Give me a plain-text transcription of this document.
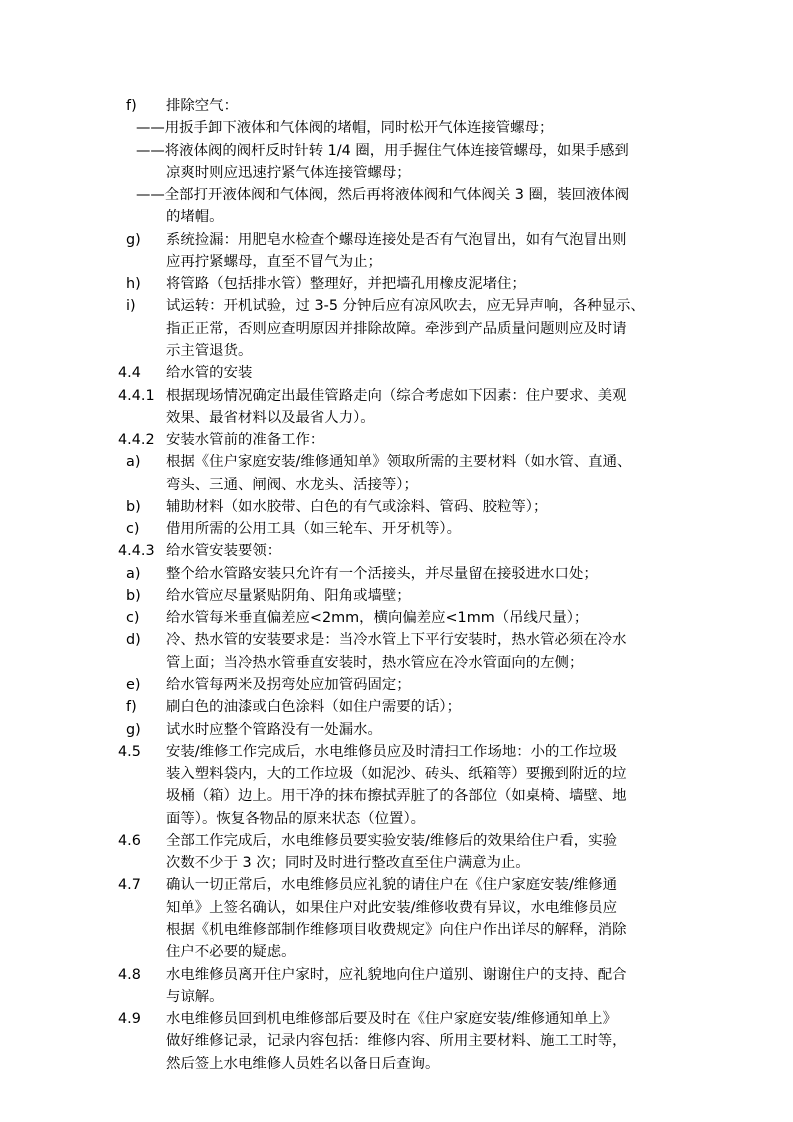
f) 排除空气：
——用扳手卸下液体和气体阀的堵帽，同时松开气体连接管螺母；
——将液体阀的阀杆反时针转 1/4 圈，用手握住气体连接管螺母，如果手感到
凉爽时则应迅速拧紧气体连接管螺母；
——全部打开液体阀和气体阀，然后再将液体阀和气体阀关 3 圈，装回液体阀
的堵帽。
g) 系统捡漏：用肥皂水检查个螺母连接处是否有气泡冒出，如有气泡冒出则
应再拧紧螺母，直至不冒气为止；
h) 将管路（包括排水管）整理好，并把墙孔用橡皮泥堵住；
i) 试运转：开机试验，过 3-5 分钟后应有凉风吹去，应无异声响，各种显示、
指正正常，否则应查明原因并排除故障。牵涉到产品质量问题则应及时请
示主管退货。
4.4 给水管的安装
4.4.1 根据现场情况确定出最佳管路走向（综合考虑如下因素：住户要求、美观
效果、最省材料以及最省人力）。
4.4.2 安装水管前的准备工作：
a) 根据《住户家庭安装/维修通知单》领取所需的主要材料（如水管、直通、
弯头、三通、闸阀、水龙头、活接等）；
b) 辅助材料（如水胶带、白色的有气或涂料、管码、胶粒等）；
c) 借用所需的公用工具（如三轮车、开牙机等）。
4.4.3 给水管安装要领：
a) 整个给水管路安装只允许有一个活接头，并尽量留在接驳进水口处；
b) 给水管应尽量紧贴阴角、阳角或墙壁；
c) 给水管每米垂直偏差应<2mm，横向偏差应<1mm（吊线尺量）；
d) 冷、热水管的安装要求是：当冷水管上下平行安装时，热水管必须在冷水
管上面；当冷热水管垂直安装时，热水管应在冷水管面向的左侧；
e) 给水管每两米及拐弯处应加管码固定；
f) 刷白色的油漆或白色涂料（如住户需要的话）；
g) 试水时应整个管路没有一处漏水。
4.5 安装/维修工作完成后，水电维修员应及时清扫工作场地：小的工作垃圾
装入塑料袋内，大的工作垃圾（如泥沙、砖头、纸箱等）要搬到附近的垃
圾桶（箱）边上。用干净的抹布擦拭弄脏了的各部位（如桌椅、墙壁、地
面等）。恢复各物品的原来状态（位置）。
4.6 全部工作完成后，水电维修员要实验安装/维修后的效果给住户看，实验
次数不少于 3 次；同时及时进行整改直至住户满意为止。
4.7 确认一切正常后，水电维修员应礼貌的请住户在《住户家庭安装/维修通
知单》上签名确认，如果住户对此安装/维修收费有异议，水电维修员应
根据《机电维修部制作维修项目收费规定》向住户作出详尽的解释，消除
住户不必要的疑虑。
4.8 水电维修员离开住户家时，应礼貌地向住户道别、谢谢住户的支持、配合
与谅解。
4.9 水电维修员回到机电维修部后要及时在《住户家庭安装/维修通知单上》
做好维修记录，记录内容包括：维修内容、所用主要材料、施工工时等，
然后签上水电维修人员姓名以备日后查询。
